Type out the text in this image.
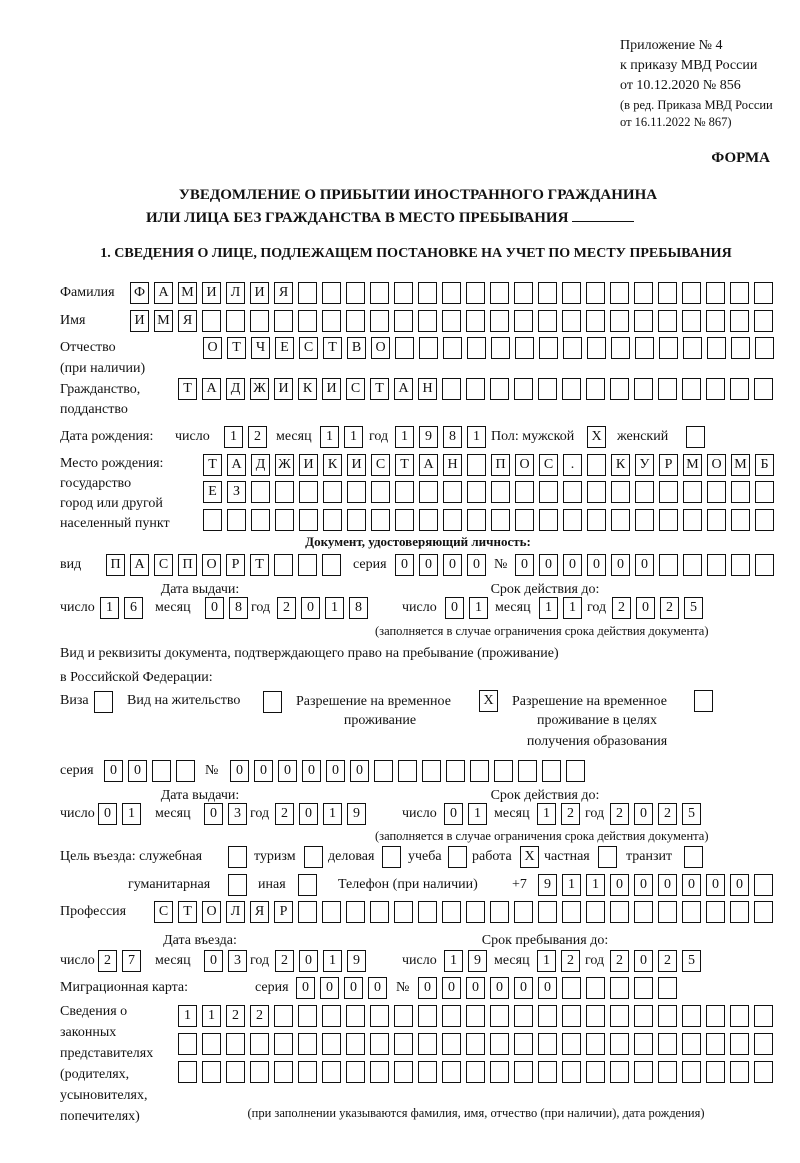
Приложение № 4
к приказу МВД России
от 10.12.2020 № 856
(в ред. Приказа МВД России
от 16.11.2022 № 867)
ФОРМА
УВЕДОМЛЕНИЕ О ПРИБЫТИИ ИНОСТРАННОГО ГРАЖДАНИНА
ИЛИ ЛИЦА БЕЗ ГРАЖДАНСТВА В МЕСТО ПРЕБЫВАНИЯ
1. СВЕДЕНИЯ О ЛИЦЕ, ПОДЛЕЖАЩЕМ ПОСТАНОВКЕ НА УЧЕТ ПО МЕСТУ ПРЕБЫВАНИЯ
Фамилия Ф А М И	Л	И	Я
Имя	И М Я
Отчество
(при наличии)
О	Т	Ч	Е	С	Т	В	О
Гражданство,
подданство
Т	А	Д Ж И	К	И	С	Т	А Н
Дата рождения: число	1	2	месяц	1	1 год 1	9	8	1 Пол: мужской	X	женский
Место рождения:
государство
город или другой
населенный пункт
Т	А	Д Ж И	К	И	С	Т	А Н	П О	С	.	К	У	Р М О М Б
Е	З
Документ, удостоверяющий личность:
вид	П А	С	П О	Р	Т	серия	0	0	0	0	№ 0	0	0	0	0	0
Дата выдачи:	Срок действия до:
число 1	6	месяц	0	8 год 2	0	1	8	число	0	1 месяц	1	1 год 2	0	2	5
(заполняется в случае ограничения срока действия документа)
Вид и реквизиты документа, подтверждающего право на пребывание (проживание)
в Российской Федерации:
Виза	Вид на жительство	Разрешение на временное
проживание
X	Разрешение на временное
проживание в целях
получения образования
серия	0	0	№	0	0	0	0	0	0
Дата выдачи:	Срок действия до:
число 0	1	месяц	0	3 год 2	0	1	9	число 0	1 месяц 1	2 год 2	0	2	5
(заполняется в случае ограничения срока действия документа)
Цель въезда: служебная	туризм деловая учеба работа X частная	транзит
гуманитарная	иная	Телефон (при наличии) +7	9	1	1	0	0	0	0	0	0
Профессия	С	Т	О	Л	Я	Р
Дата въезда:	Срок пребывания до:
число 2	7	месяц	0	3 год 2	0	1	9	число 1	9 месяц 1	2 год 2	0	2	5
Миграционная карта:	серия 0	0	0	0	№	0	0	0	0	0	0
Сведения о
законных
представителях
(родителях,
усыновителях,
попечителях)
1	1	2	2
(при заполнении указываются фамилия, имя, отчество (при наличии), дата рождения)
